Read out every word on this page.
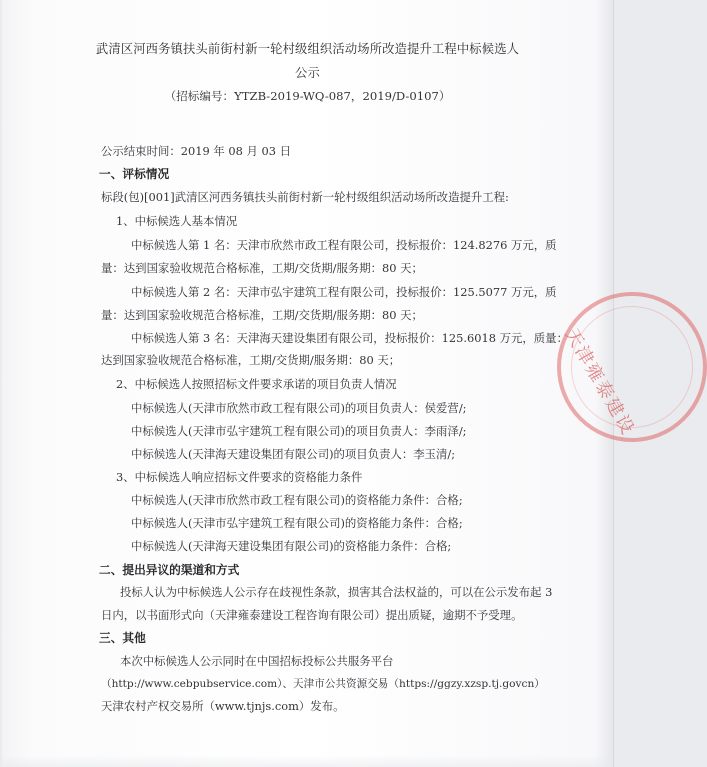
武清区河西务镇扶头前街村新一轮村级组织活动场所改造提升工程中标候选人
公示
（招标编号：YTZB-2019-WQ-087，2019/D-0107）
公示结束时间：2019 年 08 月 03 日
一、评标情况
标段(包)[001]武清区河西务镇扶头前街村新一轮村级组织活动场所改造提升工程:
1、中标候选人基本情况
中标候选人第 1 名：天津市欣然市政工程有限公司，投标报价：124.8276 万元，质
量：达到国家验收规范合格标准，工期/交货期/服务期：80 天；
中标候选人第 2 名：天津市弘宇建筑工程有限公司，投标报价：125.5077 万元，质
量：达到国家验收规范合格标准，工期/交货期/服务期：80 天；
中标候选人第 3 名：天津海天建设集团有限公司，投标报价：125.6018 万元，质量：
达到国家验收规范合格标准，工期/交货期/服务期：80 天；
2、中标候选人按照招标文件要求承诺的项目负责人情况
中标候选人(天津市欣然市政工程有限公司)的项目负责人：侯爱营/;
中标候选人(天津市弘宇建筑工程有限公司)的项目负责人：李雨泽/;
中标候选人(天津海天建设集团有限公司)的项目负责人：李玉清/;
3、中标候选人响应招标文件要求的资格能力条件
中标候选人(天津市欣然市政工程有限公司)的资格能力条件：合格;
中标候选人(天津市弘宇建筑工程有限公司)的资格能力条件：合格;
中标候选人(天津海天建设集团有限公司)的资格能力条件：合格;
二、提出异议的渠道和方式
投标人认为中标候选人公示存在歧视性条款，损害其合法权益的，可以在公示发布起 3
日内，以书面形式向（天津雍泰建设工程咨询有限公司）提出质疑，逾期不予受理。
三、其他
本次中标候选人公示同时在中国招标投标公共服务平台
（http://www.cebpubservice.com）、天津市公共资源交易（https://ggzy.xzsp.tj.govcn）
天津农村产权交易所（www.tjnjs.com）发布。
天津雍泰建设
